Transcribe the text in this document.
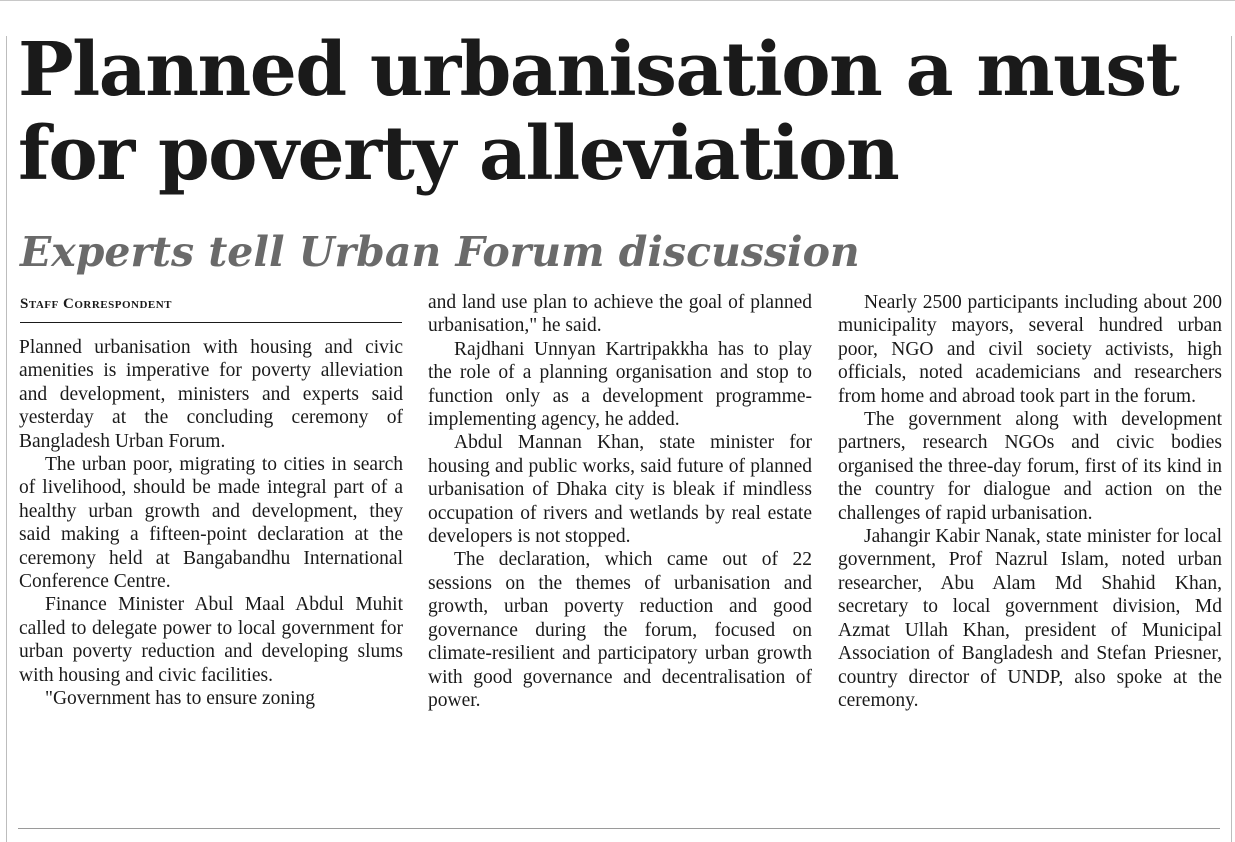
Planned urbanisation a must
for poverty alleviation
Experts tell Urban Forum discussion
Staff Correspondent

Planned urbanisation with housing and civic amenities is imperative for poverty alleviation and development, ministers and experts said yesterday at the concluding ceremony of Bangladesh Urban Forum.

The urban poor, migrating to cities in search of livelihood, should be made integral part of a healthy urban growth and development, they said making a fifteen-point declaration at the ceremony held at Bangabandhu International Conference Centre.

Finance Minister Abul Maal Abdul Muhit called to delegate power to local government for urban poverty reduction and developing slums with housing and civic facilities.

"Government has to ensure zoning

and land use plan to achieve the goal of planned urbanisation," he said.

Rajdhani Unnyan Kartripakkha has to play the role of a planning organisation and stop to function only as a development programme-implementing agency, he added.

Abdul Mannan Khan, state minister for housing and public works, said future of planned urbanisation of Dhaka city is bleak if mindless occupation of rivers and wetlands by real estate developers is not stopped.

The declaration, which came out of 22 sessions on the themes of urbanisation and growth, urban poverty reduction and good governance during the forum, focused on climate-resilient and participatory urban growth with good governance and decentralisation of power.

Nearly 2500 participants including about 200 municipality mayors, several hundred urban poor, NGO and civil society activists, high officials, noted academicians and researchers from home and abroad took part in the forum.

The government along with development partners, research NGOs and civic bodies organised the three-day forum, first of its kind in the country for dialogue and action on the challenges of rapid urbanisation.

Jahangir Kabir Nanak, state minister for local government, Prof Nazrul Islam, noted urban researcher, Abu Alam Md Shahid Khan, secretary to local government division, Md Azmat Ullah Khan, president of Municipal Association of Bangladesh and Stefan Priesner, country director of UNDP, also spoke at the ceremony.
